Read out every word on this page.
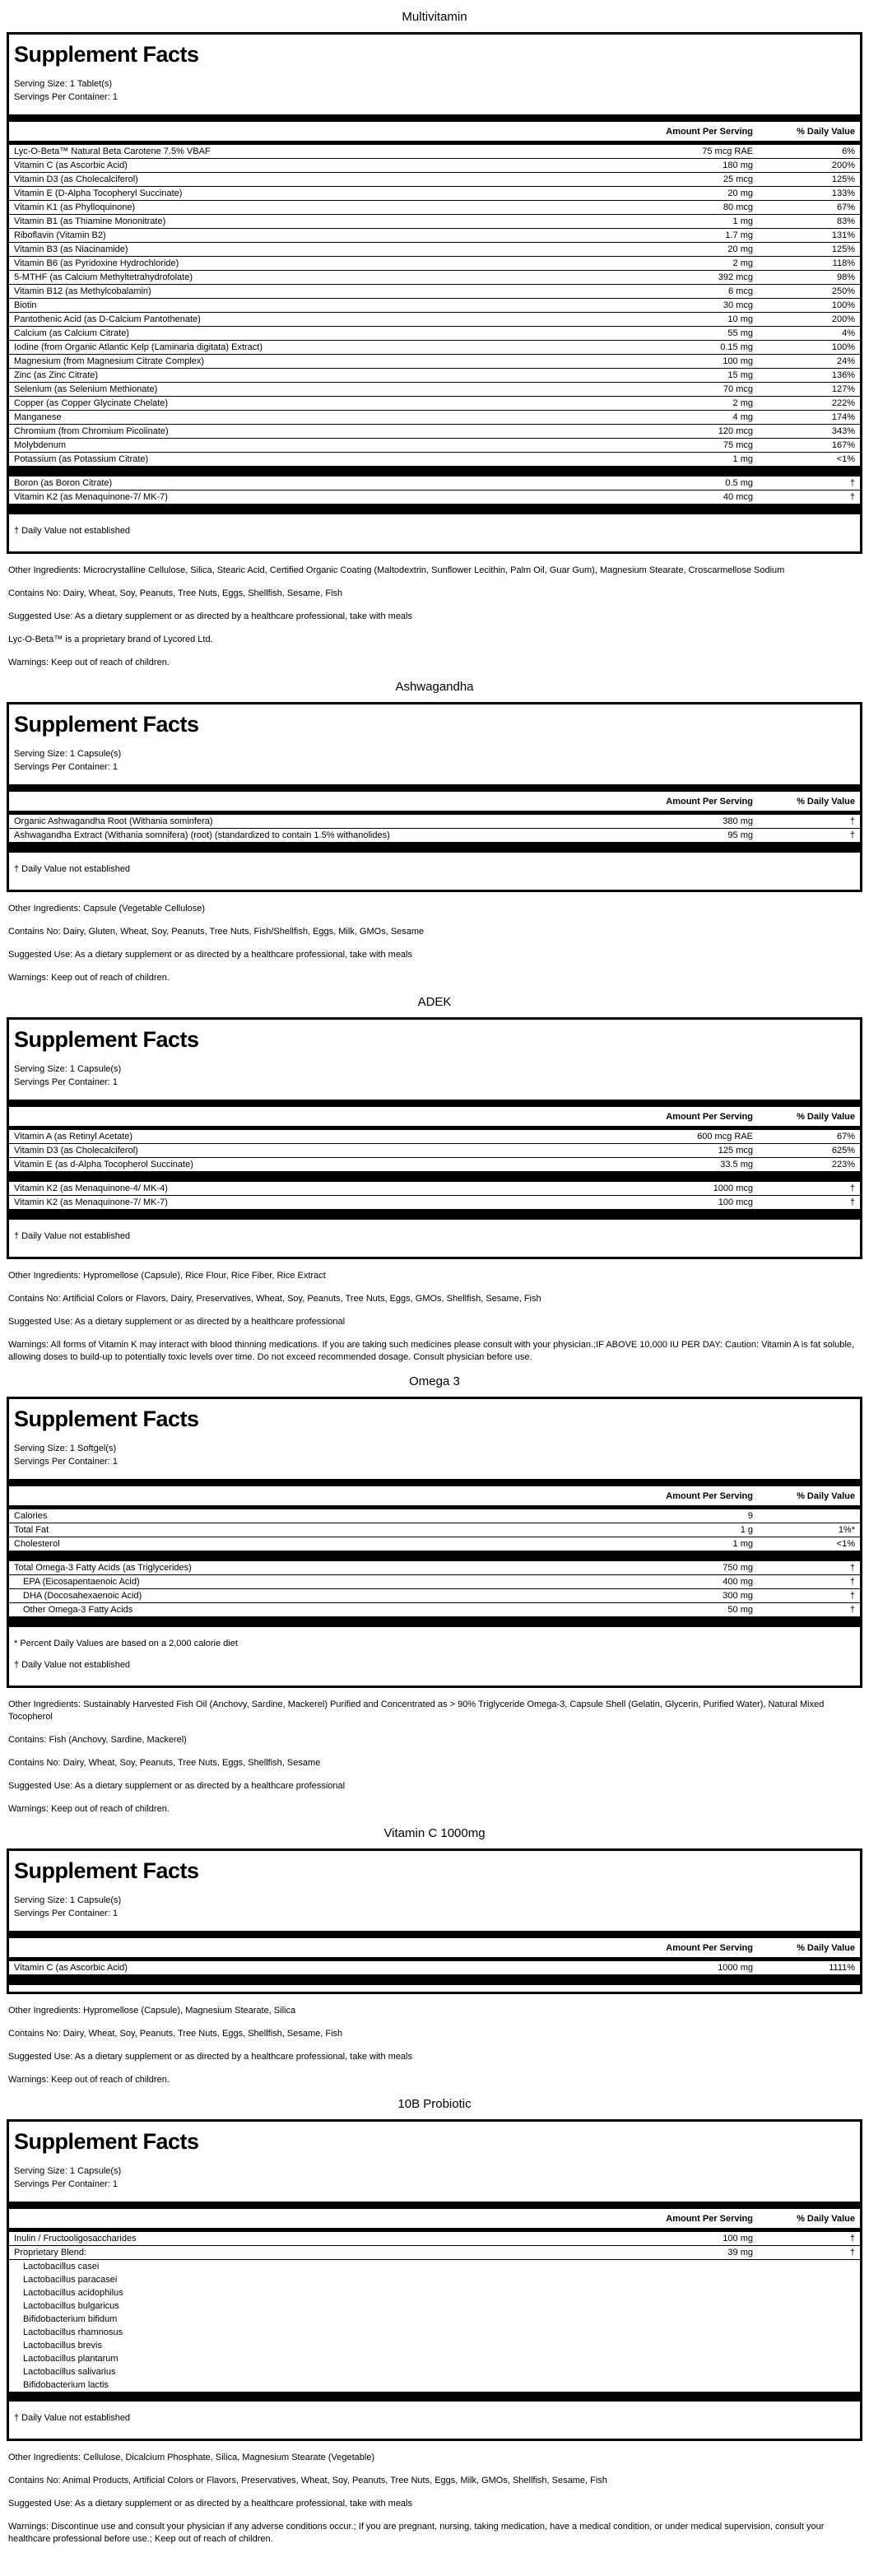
Multivitamin
Supplement Facts
Serving Size: 1 Tablet(s)
Servings Per Container: 1
Amount Per Serving	% Daily Value
Lyc-O-Beta™ Natural Beta Carotene 7.5% VBAF	75 mcg RAE	6%
Vitamin C (as Ascorbic Acid)	180 mg	200%
Vitamin D3 (as Cholecalciferol)	25 mcg	125%
Vitamin E (D-Alpha Tocopheryl Succinate)	20 mg	133%
Vitamin K1 (as Phylloquinone)	80 mcg	67%
Vitamin B1 (as Thiamine Mononitrate)	1 mg	83%
Riboflavin (Vitamin B2)	1.7 mg	131%
Vitamin B3 (as Niacinamide)	20 mg	125%
Vitamin B6 (as Pyridoxine Hydrochloride)	2 mg	118%
5-MTHF (as Calcium Methyltetrahydrofolate)	392 mcg	98%
Vitamin B12 (as Methylcobalamin)	6 mcg	250%
Biotin	30 mcg	100%
Pantothenic Acid (as D-Calcium Pantothenate)	10 mg	200%
Calcium (as Calcium Citrate)	55 mg	4%
Iodine (from Organic Atlantic Kelp (Laminaria digitata) Extract)	0.15 mg	100%
Magnesium (from Magnesium Citrate Complex)	100 mg	24%
Zinc (as Zinc Citrate)	15 mg	136%
Selenium (as Selenium Methionate)	70 mcg	127%
Copper (as Copper Glycinate Chelate)	2 mg	222%
Manganese	4 mg	174%
Chromium (from Chromium Picolinate)	120 mcg	343%
Molybdenum	75 mcg	167%
Potassium (as Potassium Citrate)	1 mg	<1%
Boron (as Boron Citrate)	0.5 mg	†
Vitamin K2 (as Menaquinone-7/ MK-7)	40 mcg	†
† Daily Value not established

Other Ingredients: Microcrystalline Cellulose, Silica, Stearic Acid, Certified Organic Coating (Maltodextrin, Sunflower Lecithin, Palm Oil, Guar Gum), Magnesium Stearate, Croscarmellose Sodium

Contains No: Dairy, Wheat, Soy, Peanuts, Tree Nuts, Eggs, Shellfish, Sesame, Fish

Suggested Use: As a dietary supplement or as directed by a healthcare professional, take with meals

Lyc-O-Beta™ is a proprietary brand of Lycored Ltd.

Warnings: Keep out of reach of children.

Ashwagandha
Supplement Facts
Serving Size: 1 Capsule(s)
Servings Per Container: 1
Amount Per Serving	% Daily Value
Organic Ashwagandha Root (Withania sominfera)	380 mg	†
Ashwagandha Extract (Withania somnifera) (root) (standardized to contain 1.5% withanolides)	95 mg	†
† Daily Value not established

Other Ingredients: Capsule (Vegetable Cellulose)

Contains No: Dairy, Gluten, Wheat, Soy, Peanuts, Tree Nuts, Fish/Shellfish, Eggs, Milk, GMOs, Sesame

Suggested Use: As a dietary supplement or as directed by a healthcare professional, take with meals

Warnings: Keep out of reach of children.

ADEK
Supplement Facts
Serving Size: 1 Capsule(s)
Servings Per Container: 1
Amount Per Serving	% Daily Value
Vitamin A (as Retinyl Acetate)	600 mcg RAE	67%
Vitamin D3 (as Cholecalciferol)	125 mcg	625%
Vitamin E (as d-Alpha Tocopherol Succinate)	33.5 mg	223%
Vitamin K2 (as Menaquinone-4/ MK-4)	1000 mcg	†
Vitamin K2 (as Menaquinone-7/ MK-7)	100 mcg	†
† Daily Value not established

Other Ingredients: Hypromellose (Capsule), Rice Flour, Rice Fiber, Rice Extract

Contains No: Artificial Colors or Flavors, Dairy, Preservatives, Wheat, Soy, Peanuts, Tree Nuts, Eggs, GMOs, Shellfish, Sesame, Fish

Suggested Use: As a dietary supplement or as directed by a healthcare professional

Warnings: All forms of Vitamin K may interact with blood thinning medications. If you are taking such medicines please consult with your physician.;IF ABOVE 10,000 IU PER DAY: Caution: Vitamin A is fat soluble, allowing doses to build-up to potentially toxic levels over time. Do not exceed recommended dosage. Consult physician before use.

Omega 3
Supplement Facts
Serving Size: 1 Softgel(s)
Servings Per Container: 1
Amount Per Serving	% Daily Value
Calories	9
Total Fat	1 g	1%*
Cholesterol	1 mg	<1%
Total Omega-3 Fatty Acids (as Triglycerides)	750 mg	†
EPA (Eicosapentaenoic Acid)	400 mg	†
DHA (Docosahexaenoic Acid)	300 mg	†
Other Omega-3 Fatty Acids	50 mg	†
* Percent Daily Values are based on a 2,000 calorie diet
† Daily Value not established

Other Ingredients: Sustainably Harvested Fish Oil (Anchovy, Sardine, Mackerel) Purified and Concentrated as > 90% Triglyceride Omega-3, Capsule Shell (Gelatin, Glycerin, Purified Water), Natural Mixed Tocopherol

Contains: Fish (Anchovy, Sardine, Mackerel)

Contains No: Dairy, Wheat, Soy, Peanuts, Tree Nuts, Eggs, Shellfish, Sesame

Suggested Use: As a dietary supplement or as directed by a healthcare professional

Warnings: Keep out of reach of children.

Vitamin C 1000mg
Supplement Facts
Serving Size: 1 Capsule(s)
Servings Per Container: 1
Amount Per Serving	% Daily Value
Vitamin C (as Ascorbic Acid)	1000 mg	1111%

Other Ingredients: Hypromellose (Capsule), Magnesium Stearate, Silica

Contains No: Dairy, Wheat, Soy, Peanuts, Tree Nuts, Eggs, Shellfish, Sesame, Fish

Suggested Use: As a dietary supplement or as directed by a healthcare professional, take with meals

Warnings: Keep out of reach of children.

10B Probiotic
Supplement Facts
Serving Size: 1 Capsule(s)
Servings Per Container: 1
Amount Per Serving	% Daily Value
Inulin / Fructooligosaccharides	100 mg	†
Proprietary Blend:	39 mg	†
Lactobacillus casei
Lactobacillus paracasei
Lactobacillus acidophilus
Lactobacillus bulgaricus
Bifidobacterium bifidum
Lactobacillus rhamnosus
Lactobacillus brevis
Lactobacillus plantarum
Lactobacillus salivarius
Bifidobacterium lactis
† Daily Value not established

Other Ingredients: Cellulose, Dicalcium Phosphate, Silica, Magnesium Stearate (Vegetable)

Contains No: Animal Products, Artificial Colors or Flavors, Preservatives, Wheat, Soy, Peanuts, Tree Nuts, Eggs, Milk, GMOs, Shellfish, Sesame, Fish

Suggested Use: As a dietary supplement or as directed by a healthcare professional, take with meals

Warnings: Discontinue use and consult your physician if any adverse conditions occur.; If you are pregnant, nursing, taking medication, have a medical condition, or under medical supervision, consult your healthcare professional before use.; Keep out of reach of children.
